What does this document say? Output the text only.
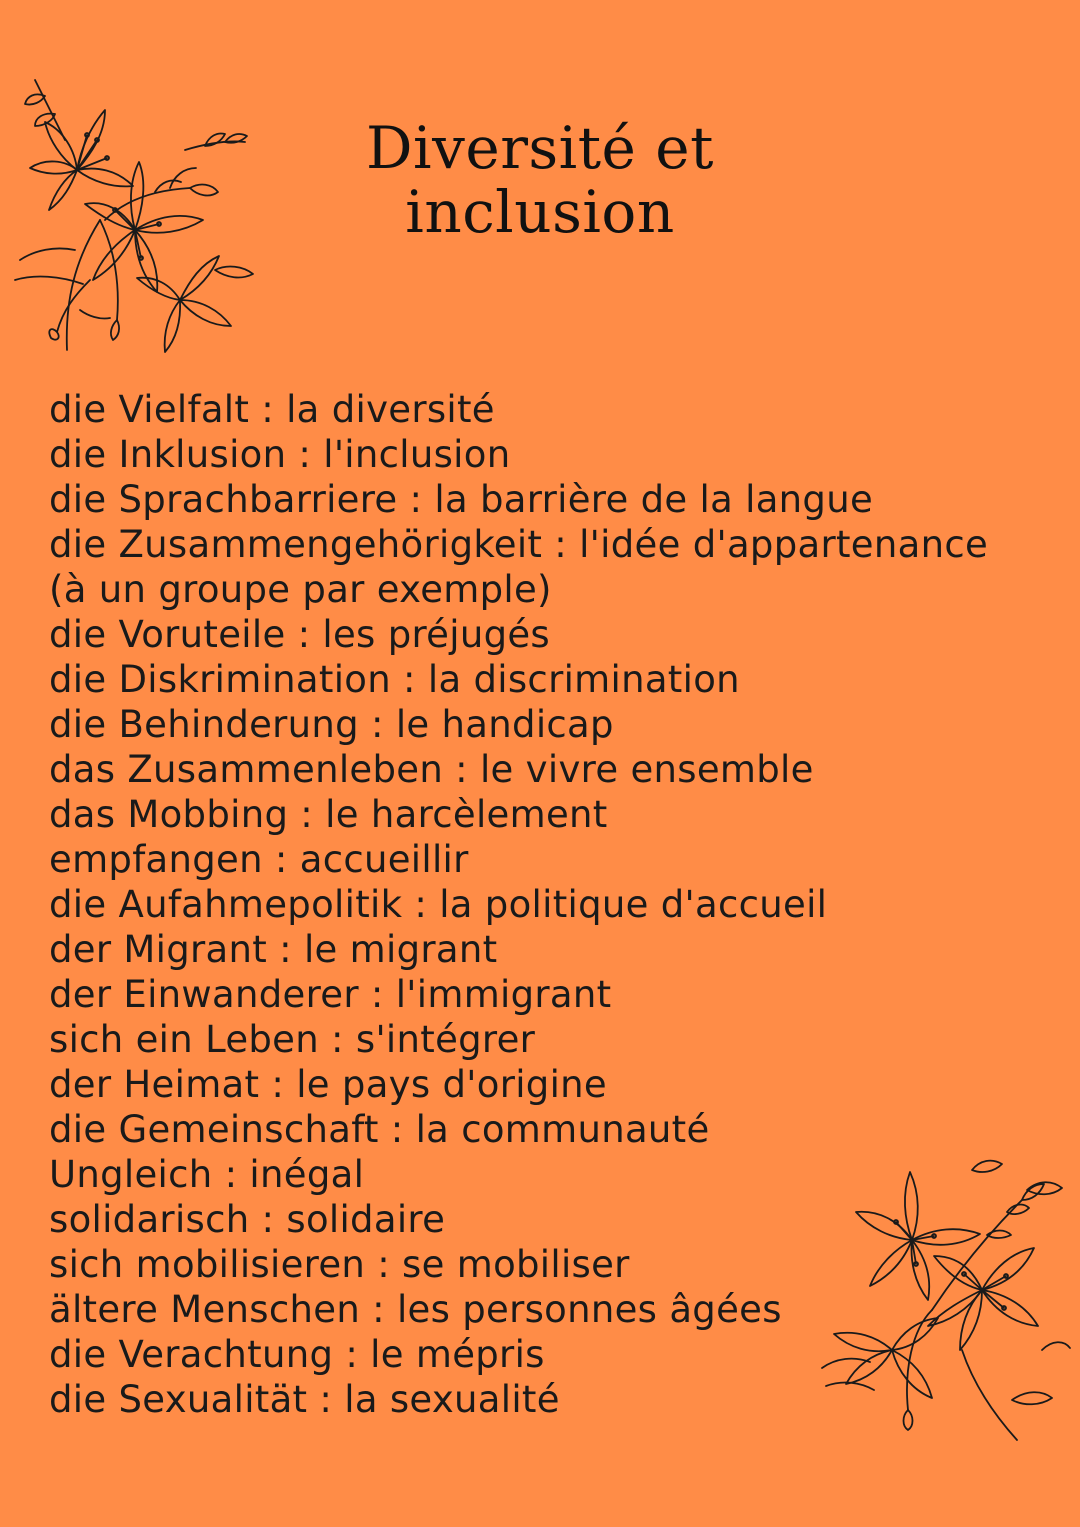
Diversité et
inclusion
die Vielfalt : la diversité
die Inklusion : l'inclusion
die Sprachbarriere : la barrière de la langue
die Zusammengehörigkeit : l'idée d'appartenance
(à un groupe par exemple)
die Voruteile : les préjugés
die Diskrimination : la discrimination
die Behinderung : le handicap
das Zusammenleben : le vivre ensemble
das Mobbing : le harcèlement
empfangen : accueillir
die Aufahmepolitik : la politique d'accueil
der Migrant : le migrant
der Einwanderer : l'immigrant
sich ein Leben : s'intégrer
der Heimat : le pays d'origine
die Gemeinschaft : la communauté
Ungleich : inégal
solidarisch : solidaire
sich mobilisieren : se mobiliser
ältere Menschen : les personnes âgées
die Verachtung : le mépris
die Sexualität : la sexualité
